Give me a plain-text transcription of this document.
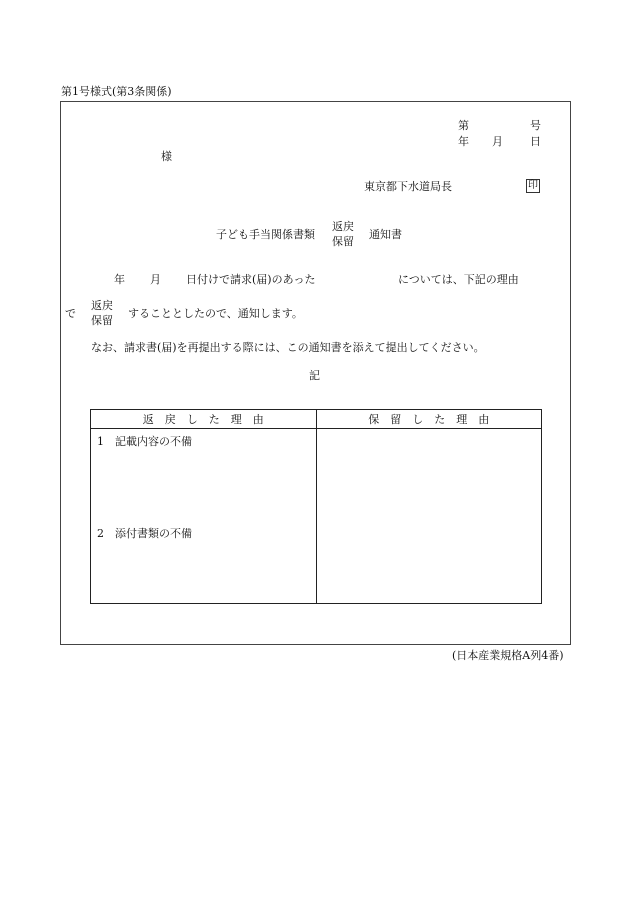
第1号様式(第3条関係)
第	号
年 月 日
様
東京都下水道局長	印
子ども手当関係書類
返戻
保留
通知書
年 月 日付けで請求(届)のあった	については、下記の理由
で
返戻
保留
することとしたので、通知します。
なお、請求書(届)を再提出する際には、この通知書を添えて提出してください。
記
返　戻　し　た　理　由	保　留　し　た　理　由

1　記載内容の不備
2　添付書類の不備	

(日本産業規格A列4番)
